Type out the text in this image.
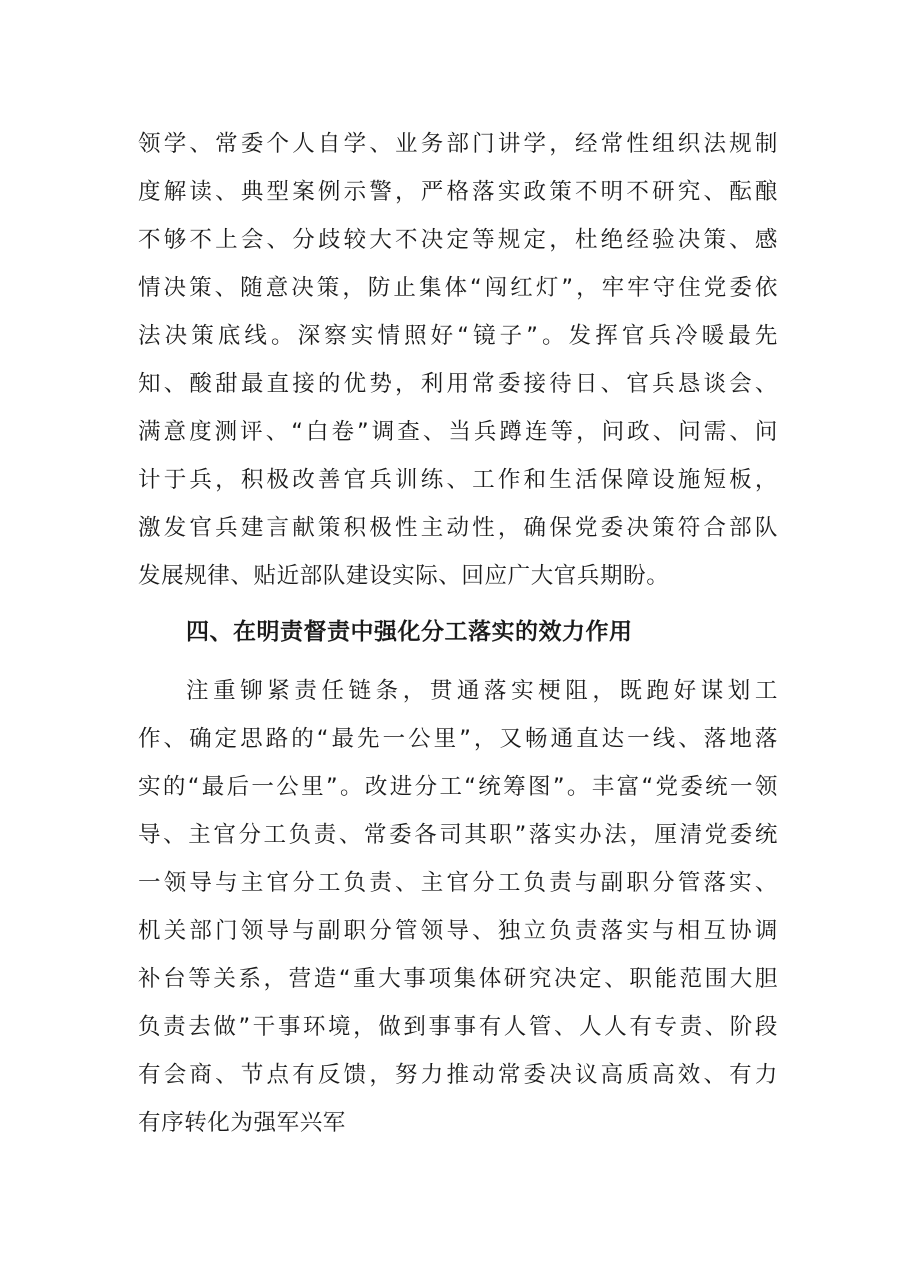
领学、常委个人自学、业务部门讲学，经常性组织法规制
度解读、典型案例示警，严格落实政策不明不研究、酝酿
不够不上会、分歧较大不决定等规定，杜绝经验决策、感
情决策、随意决策，防止集体“闯红灯”，牢牢守住党委依
法决策底线。深察实情照好“镜子”。发挥官兵冷暖最先
知、酸甜最直接的优势，利用常委接待日、官兵恳谈会、
满意度测评、“白卷”调查、当兵蹲连等，问政、问需、问
计于兵，积极改善官兵训练、工作和生活保障设施短板，
激发官兵建言献策积极性主动性，确保党委决策符合部队
发展规律、贴近部队建设实际、回应广大官兵期盼。
四、在明责督责中强化分工落实的效力作用
注重铆紧责任链条，贯通落实梗阻，既跑好谋划工
作、确定思路的“最先一公里”，又畅通直达一线、落地落
实的“最后一公里”。改进分工“统筹图”。丰富“党委统一领
导、主官分工负责、常委各司其职”落实办法，厘清党委统
一领导与主官分工负责、主官分工负责与副职分管落实、
机关部门领导与副职分管领导、独立负责落实与相互协调
补台等关系，营造“重大事项集体研究决定、职能范围大胆
负责去做”干事环境，做到事事有人管、人人有专责、阶段
有会商、节点有反馈，努力推动常委决议高质高效、有力
有序转化为强军兴军
